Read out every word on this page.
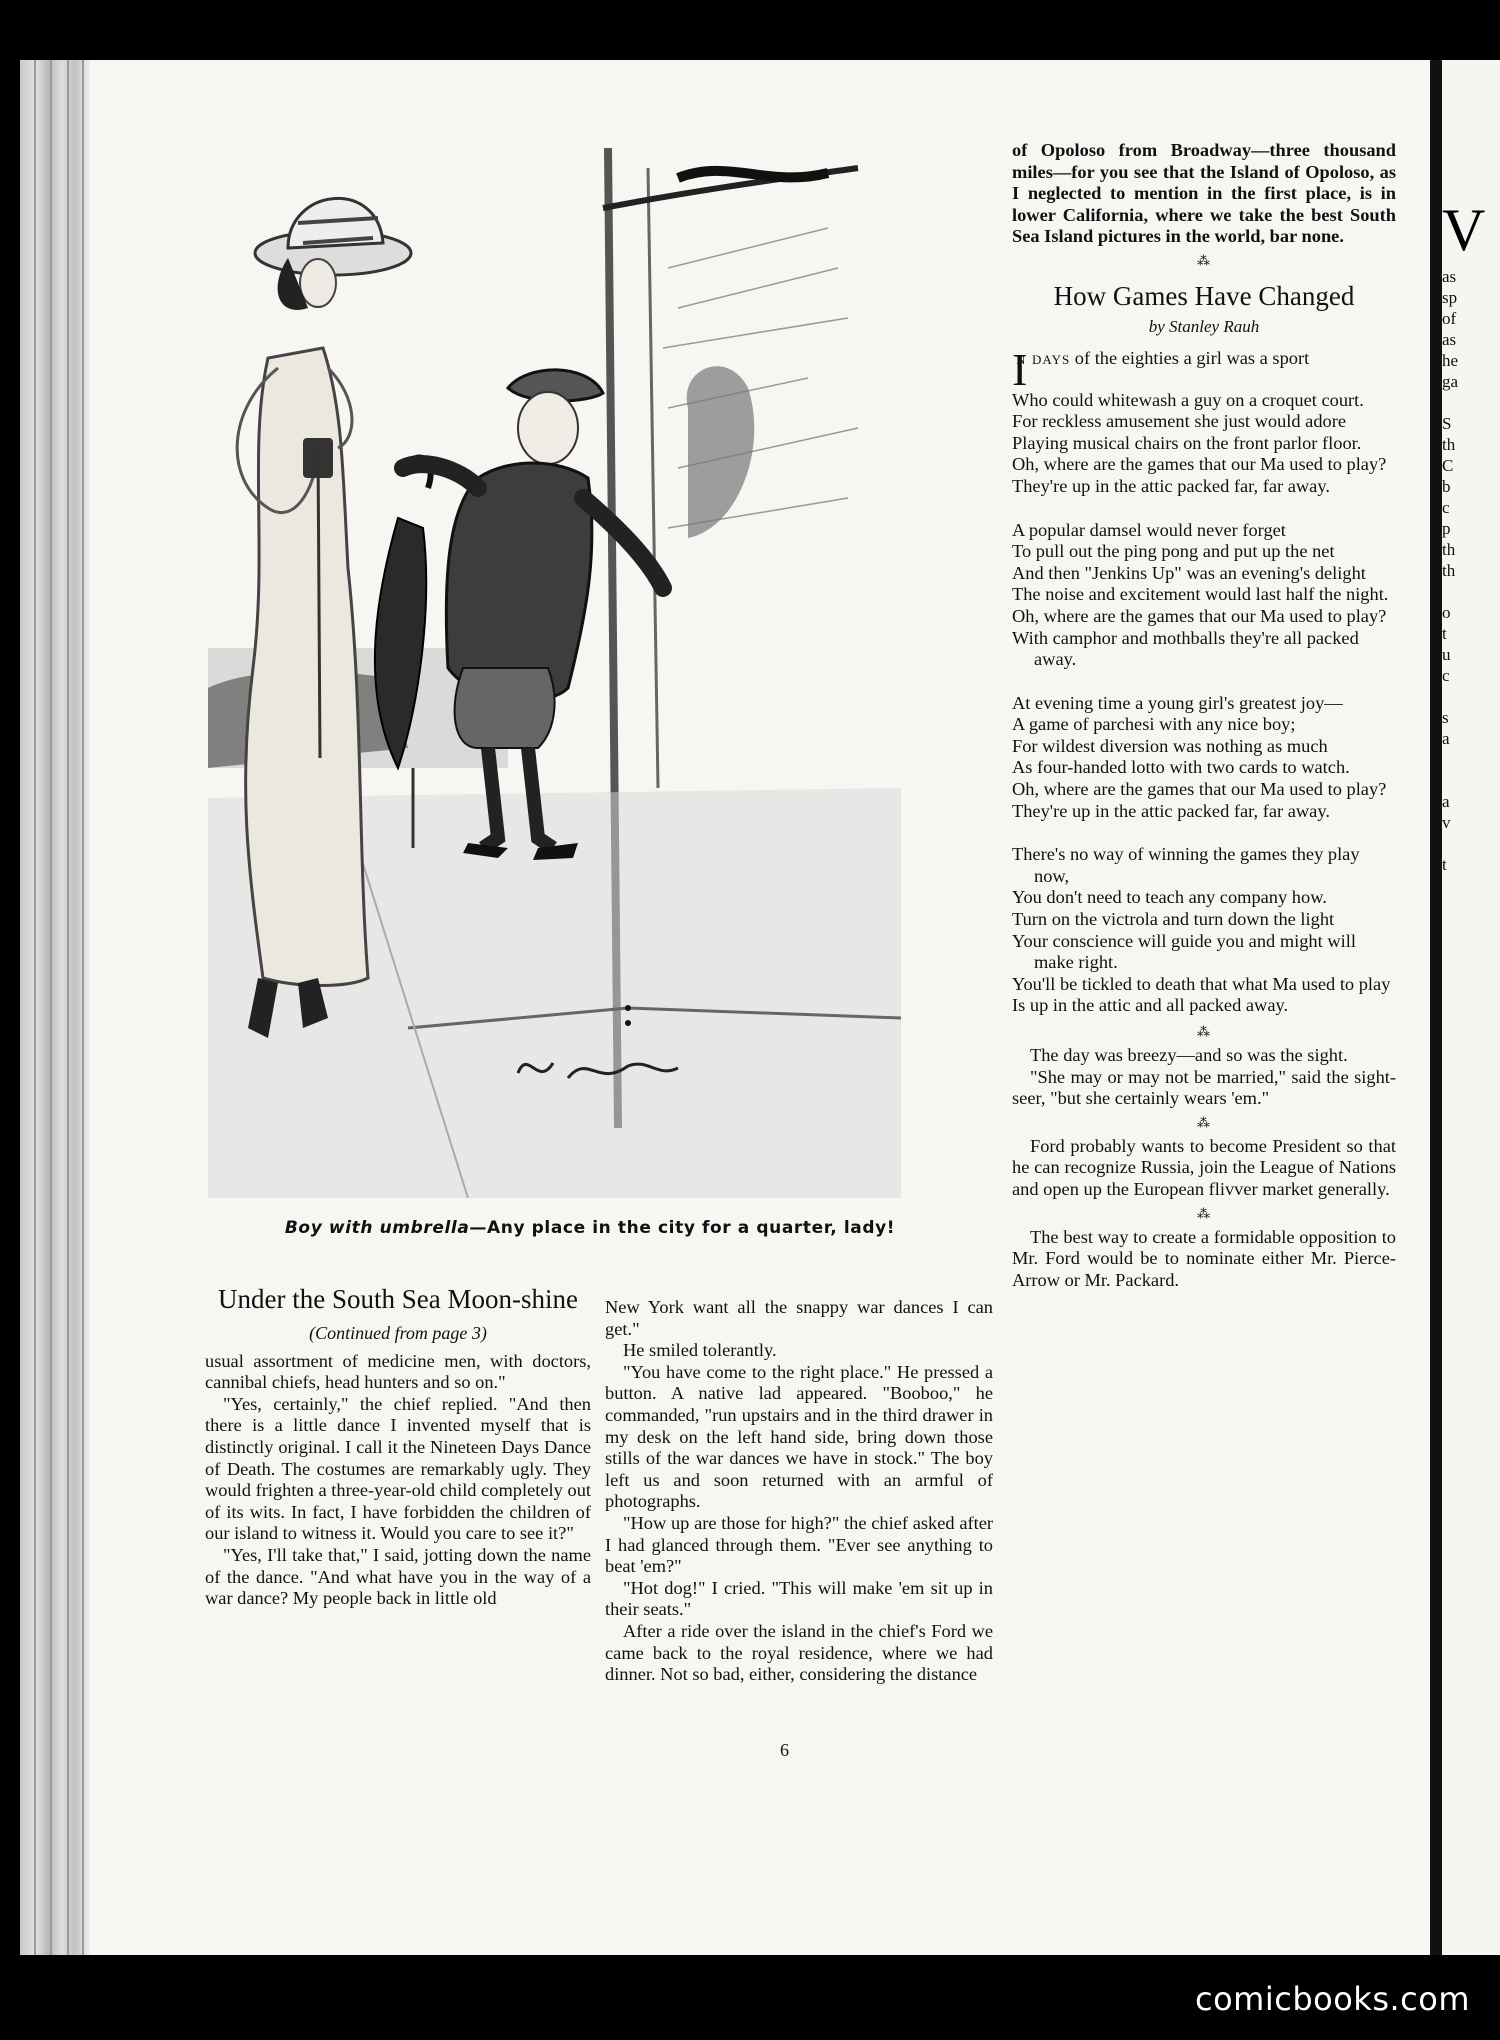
V
as
sp
of
as
he
ga

S
th
C
b
c
p
th
th

o
t
u
c

s
a

a
v

t
Boy with umbrella—Any place in the city for a quarter, lady!
Under the South Sea Moon-shine
(Continued from page 3)

usual assortment of medicine men, with doctors, cannibal chiefs, head hunters and so on."

"Yes, certainly," the chief replied. "And then there is a little dance I invented myself that is distinctly original. I call it the Nineteen Days Dance of Death. The costumes are remarkably ugly. They would frighten a three-year-old child completely out of its wits. In fact, I have forbidden the children of our island to witness it. Would you care to see it?"

"Yes, I'll take that," I said, jotting down the name of the dance. "And what have you in the way of a war dance? My people back in little old

New York want all the snappy war dances I can get."

He smiled tolerantly.

"You have come to the right place." He pressed a button. A native lad appeared. "Booboo," he commanded, "run upstairs and in the third drawer in my desk on the left hand side, bring down those stills of the war dances we have in stock." The boy left us and soon returned with an armful of photographs.

"How up are those for high?" the chief asked after I had glanced through them. "Ever see anything to beat 'em?"

"Hot dog!" I cried. "This will make 'em sit up in their seats."

After a ride over the island in the chief's Ford we came back to the royal residence, where we had dinner. Not so bad, either, considering the distance

of Opoloso from Broadway—three thousand miles—for you see that the Island of Opoloso, as I neglected to mention in the first place, is in lower California, where we take the best South Sea Island pictures in the world, bar none.

⁂
How Games Have Changed
by Stanley Rauh
I
n days of the eighties a girl was a sport
Who could whitewash a guy on a croquet court.
For reckless amusement she just would adore
Playing musical chairs on the front parlor floor.
Oh, where are the games that our Ma used to play?
They're up in the attic packed far, far away.
A popular damsel would never forget
To pull out the ping pong and put up the net
And then "Jenkins Up" was an evening's delight
The noise and excitement would last half the night.
Oh, where are the games that our Ma used to play?
With camphor and mothballs they're all packed away.
At evening time a young girl's greatest joy—
A game of parchesi with any nice boy;
For wildest diversion was nothing as much
As four-handed lotto with two cards to watch.
Oh, where are the games that our Ma used to play?
They're up in the attic packed far, far away.
There's no way of winning the games they play now,
You don't need to teach any company how.
Turn on the victrola and turn down the light
Your conscience will guide you and might will make right.
You'll be tickled to death that what Ma used to play
Is up in the attic and all packed away.
⁂

The day was breezy—and so was the sight.

"She may or may not be married," said the sight-seer, "but she certainly wears 'em."

⁂

Ford probably wants to become President so that he can recognize Russia, join the League of Nations and open up the European flivver market generally.

⁂

The best way to create a formidable opposition to Mr. Ford would be to nominate either Mr. Pierce-Arrow or Mr. Packard.

6
comicbooks.com
